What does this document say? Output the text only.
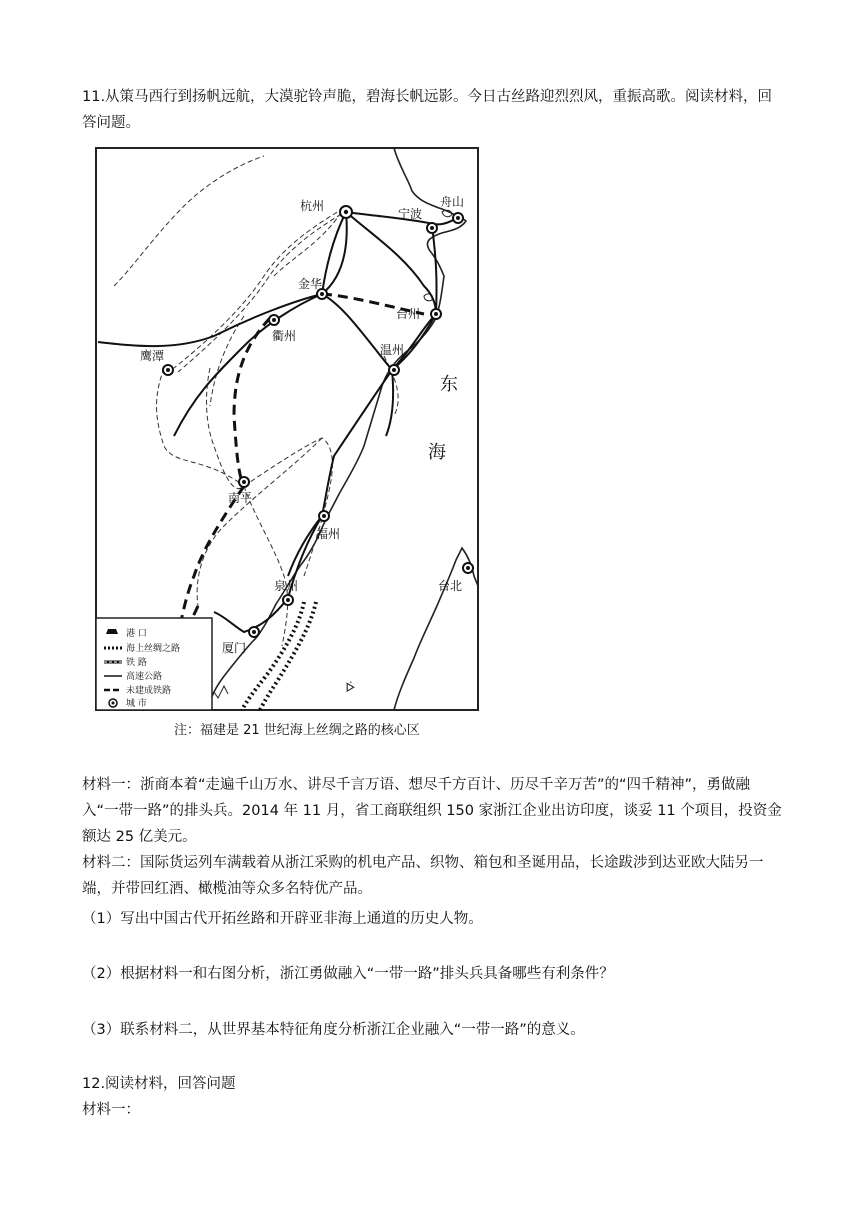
11.从策马西行到扬帆远航，大漠驼铃声脆，碧海长帆远影。今日古丝路迎烈烈风，重振高歌。阅读材料，回答问题。

ᢰ
杭州
宁波
舟山
金华
衢州
台州
温州
鹰潭
南平
福州
泉州
厦门
台北
东
海
港 口
海上丝绸之路
铁 路
高速公路
未建成铁路
城 市
注：福建是 21 世纪海上丝绸之路的核心区

材料一：浙商本着“走遍千山万水、讲尽千言万语、想尽千方百计、历尽千辛万苦”的“四千精神”，勇做融入“一带一路”的排头兵。2014 年 11 月，省工商联组织 150 家浙江企业出访印度，谈妥 11 个项目，投资金额达 25 亿美元。

材料二：国际货运列车满载着从浙江采购的机电产品、织物、箱包和圣诞用品，长途跋涉到达亚欧大陆另一端，并带回红酒、橄榄油等众多名特优产品。

（1）写出中国古代开拓丝路和开辟亚非海上通道的历史人物。

（2）根据材料一和右图分析，浙江勇做融入“一带一路”排头兵具备哪些有利条件？

（3）联系材料二，从世界基本特征角度分析浙江企业融入“一带一路”的意义。

12.阅读材料，回答问题

材料一：
